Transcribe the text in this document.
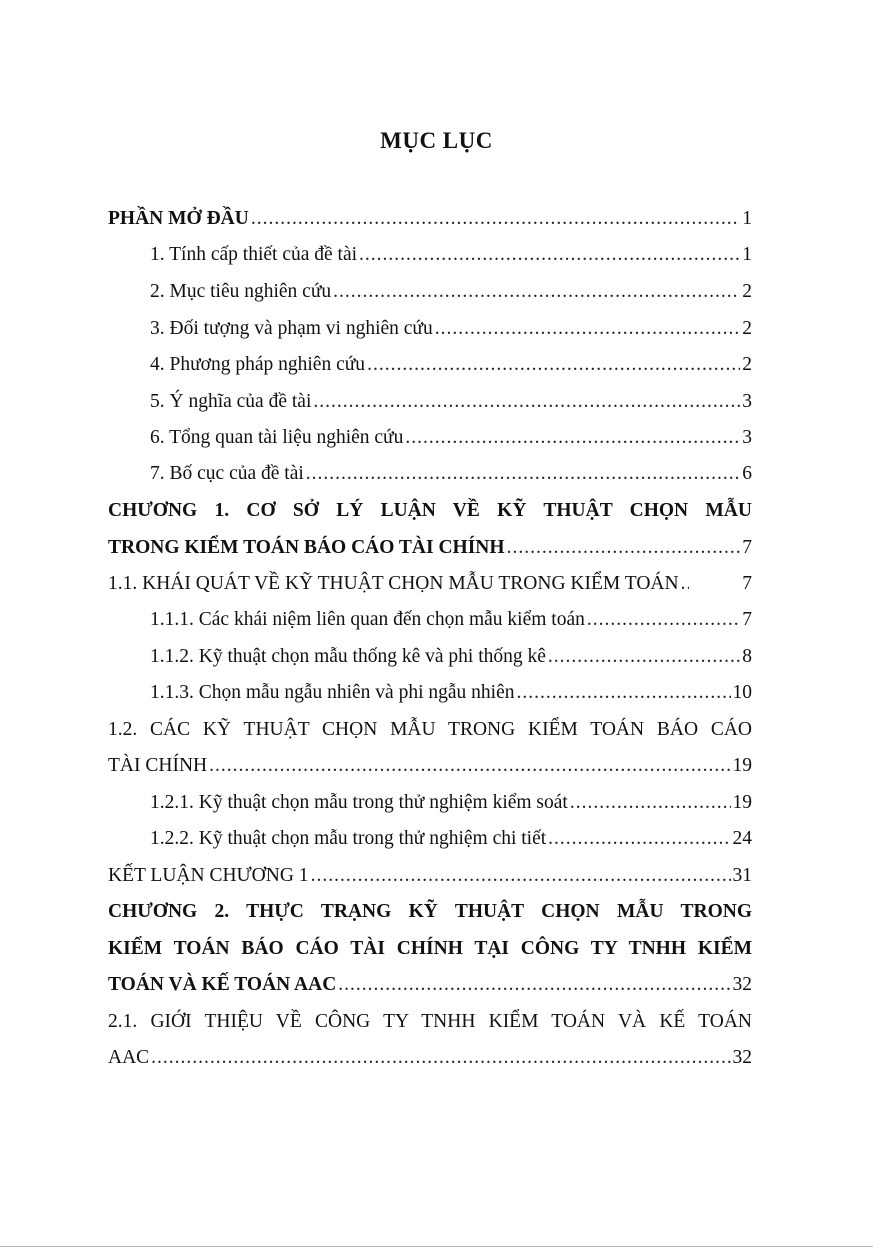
MỤC LỤC
PHẦN MỞ ĐẦU .....	1
1. Tính cấp thiết của đề tài .....	1
2. Mục tiêu nghiên cứu .....	2
3. Đối tượng và phạm vi nghiên cứu .....	2
4. Phương pháp nghiên cứu .....	2
5. Ý nghĩa của đề tài .....	3
6. Tổng quan tài liệu nghiên cứu .....	3
7. Bố cục của đề tài .....	6
CHƯƠNG 1. CƠ SỞ LÝ LUẬN VỀ KỸ THUẬT CHỌN MẪU
TRONG KIỂM TOÁN BÁO CÁO TÀI CHÍNH .....	7
1.1. KHÁI QUÁT VỀ KỸ THUẬT CHỌN MẪU TRONG KIỂM TOÁN .....	7
1.1.1. Các khái niệm liên quan đến chọn mẫu kiểm toán .....	7
1.1.2. Kỹ thuật chọn mẫu thống kê và phi thống kê .....	8
1.1.3. Chọn mẫu ngẫu nhiên và phi ngẫu nhiên .....	10
1.2. CÁC KỸ THUẬT CHỌN MẪU TRONG KIỂM TOÁN BÁO CÁO
TÀI CHÍNH .....	19
1.2.1. Kỹ thuật chọn mẫu trong thử nghiệm kiểm soát .....	19
1.2.2. Kỹ thuật chọn mẫu trong thử nghiệm chi tiết .....	24
KẾT LUẬN CHƯƠNG 1 .....	31
CHƯƠNG 2. THỰC TRẠNG KỸ THUẬT CHỌN MẪU TRONG
KIỂM TOÁN BÁO CÁO TÀI CHÍNH TẠI CÔNG TY TNHH KIỂM
TOÁN VÀ KẾ TOÁN AAC .....	32
2.1. GIỚI THIỆU VỀ CÔNG TY TNHH KIỂM TOÁN VÀ KẾ TOÁN
AAC .....	32
